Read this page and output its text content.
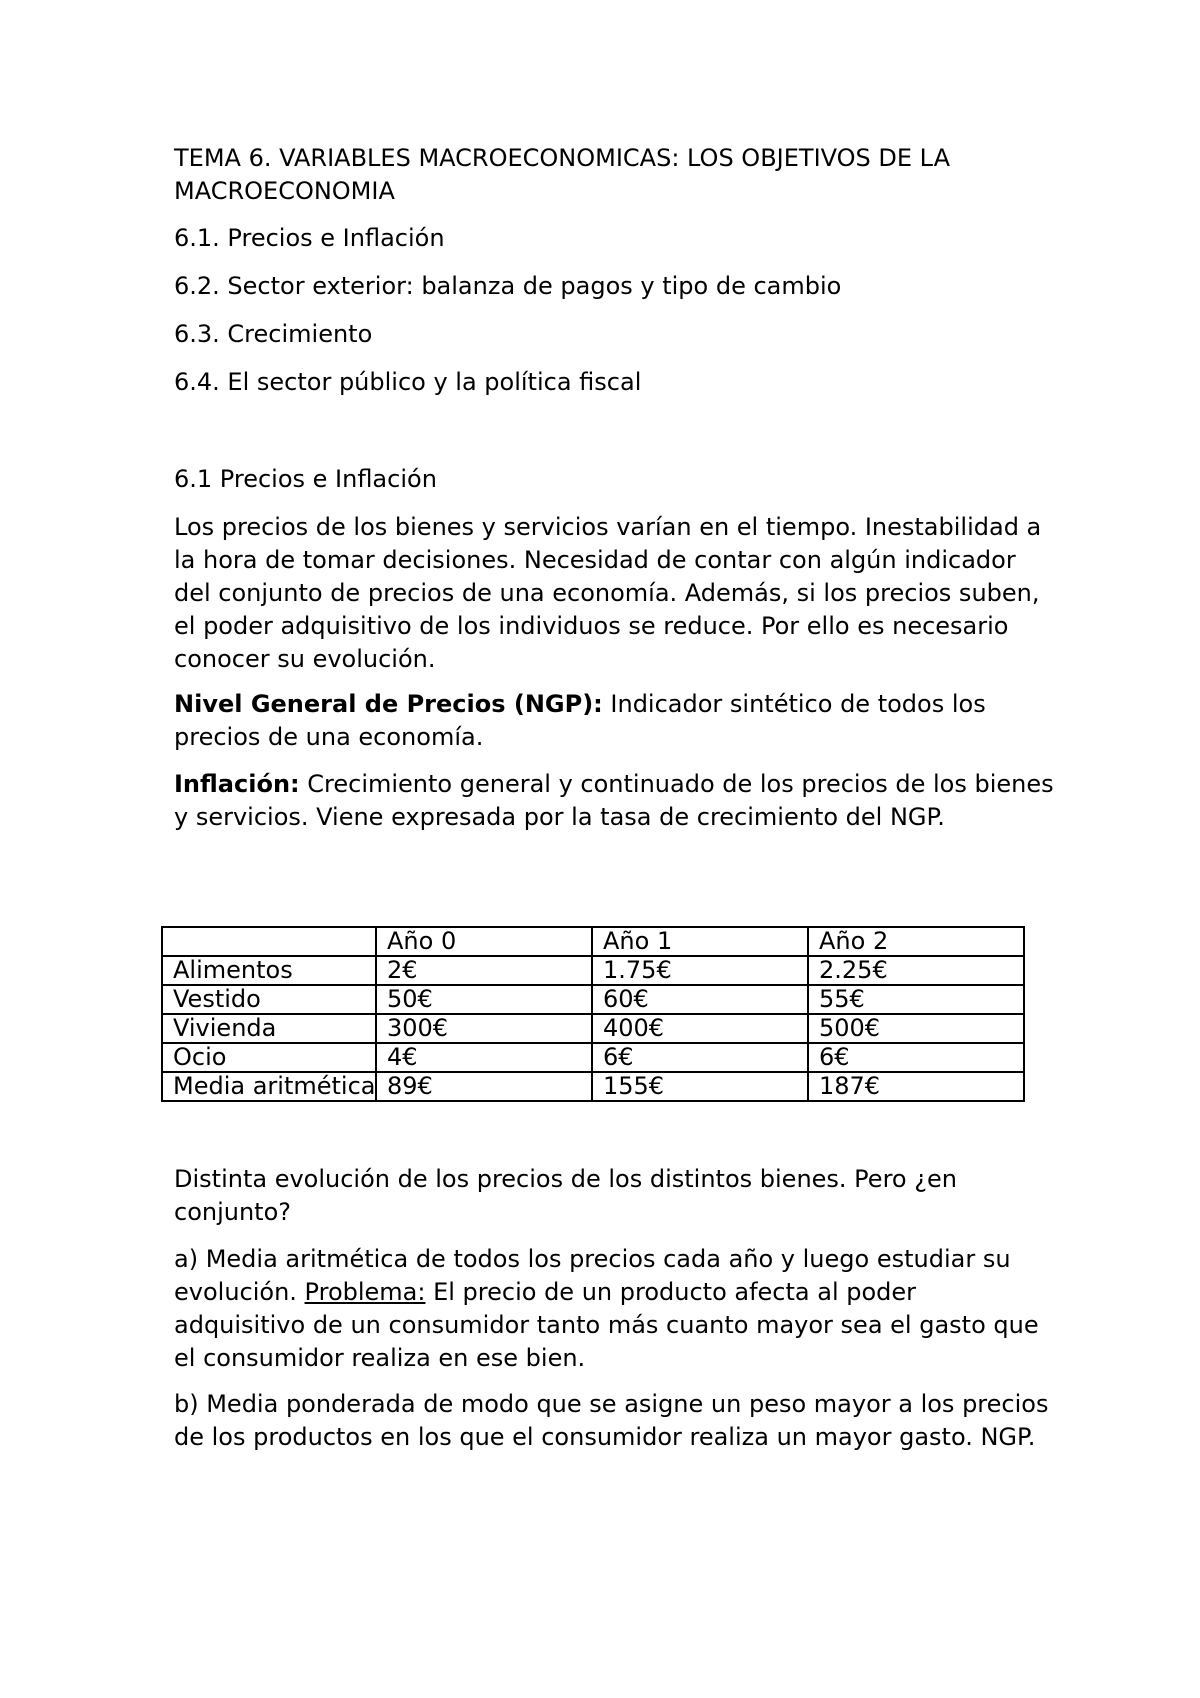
TEMA 6. VARIABLES MACROECONOMICAS: LOS OBJETIVOS DE LA
MACROECONOMIA
6.1. Precios e Inflación
6.2. Sector exterior: balanza de pagos y tipo de cambio
6.3. Crecimiento
6.4. El sector público y la política fiscal
6.1 Precios e Inflación
Los precios de los bienes y servicios varían en el tiempo. Inestabilidad a la hora de tomar decisiones. Necesidad de contar con algún indicador del conjunto de precios de una economía. Además, si los precios suben, el poder adquisitivo de los individuos se reduce. Por ello es necesario conocer su evolución.
Nivel General de Precios (NGP): Indicador sintético de todos los precios de una economía.
Inflación: Crecimiento general y continuado de los precios de los bienes y servicios. Viene expresada por la tasa de crecimiento del NGP.
	Año 0	Año 1	Año 2
Alimentos	2€	1.75€	2.25€
Vestido	50€	60€	55€
Vivienda	300€	400€	500€
Ocio	4€	6€	6€
Media aritmética	89€	155€	187€
Distinta evolución de los precios de los distintos bienes. Pero ¿en conjunto?
a) Media aritmética de todos los precios cada año y luego estudiar su evolución. Problema: El precio de un producto afecta al poder adquisitivo de un consumidor tanto más cuanto mayor sea el gasto que el consumidor realiza en ese bien.
b) Media ponderada de modo que se asigne un peso mayor a los precios de los productos en los que el consumidor realiza un mayor gasto. NGP.
